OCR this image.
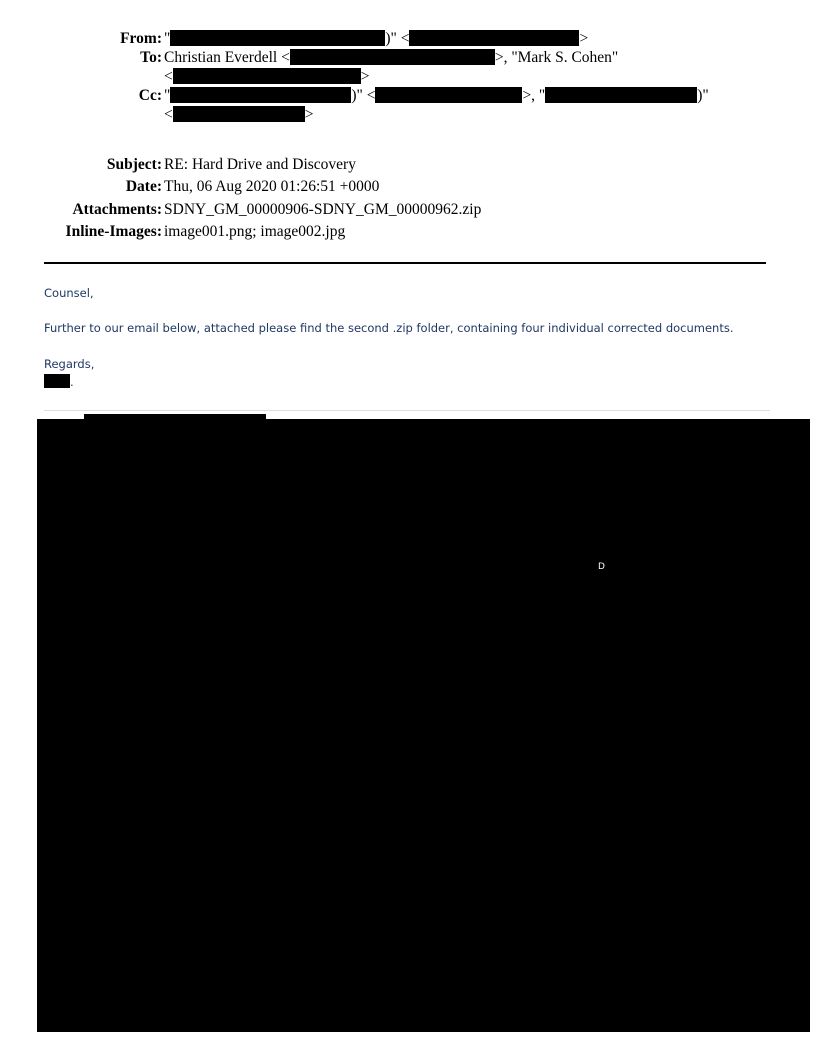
From: "	)" <	>
To: Christian Everdell <	>, "Mark S. Cohen"
<	>
Cc: "	)" <	>, "	)"
<	>
Subject: RE: Hard Drive and Discovery
Date: Thu, 06 Aug 2020 01:26:51 +0000
Attachments: SDNY_GM_00000906-SDNY_GM_00000962.zip
Inline-Images: image001.png; image002.jpg
Counsel,
Further to our email below, attached please find the second .zip folder, containing four individual corrected documents.
Regards,
.
D
